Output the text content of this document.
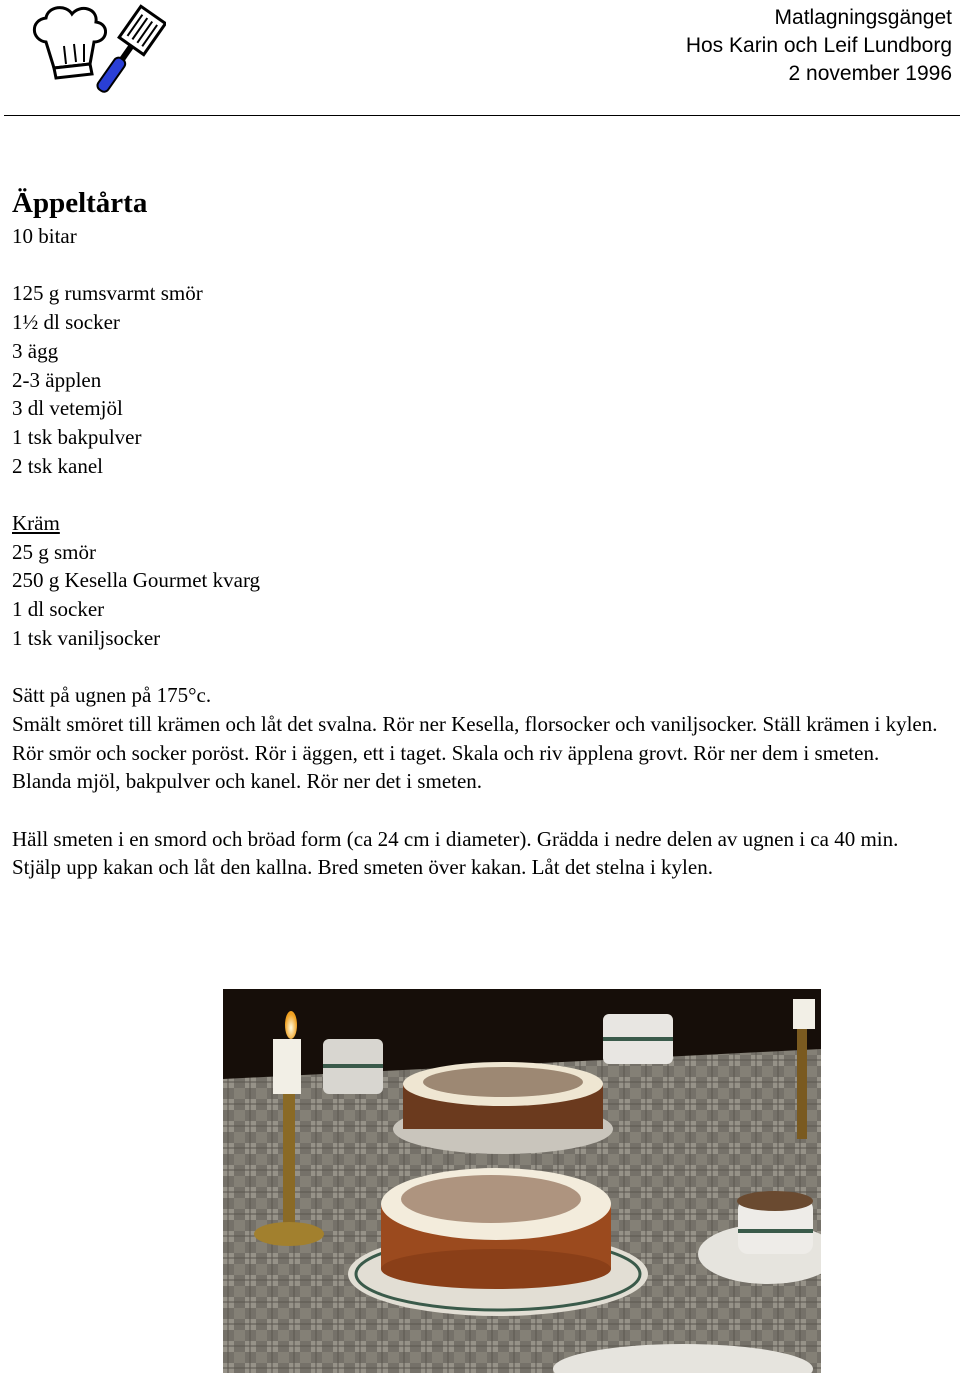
Matlagningsgänget
Hos Karin och Leif Lundborg
2 november 1996
Äppeltårta
10 bitar
125 g rumsvarmt smör
1½ dl socker
3 ägg
2-3 äpplen
3 dl vetemjöl
1 tsk bakpulver
2 tsk kanel
Kräm
25 g smör
250 g Kesella Gourmet kvarg
1 dl socker
1 tsk vaniljsocker
Sätt på ugnen på 175°c.
Smält smöret till krämen och låt det svalna. Rör ner Kesella, florsocker och vaniljsocker. Ställ krämen i kylen.
Rör smör och socker poröst. Rör i äggen, ett i taget. Skala och riv äpplena grovt. Rör ner dem i smeten.
Blanda mjöl, bakpulver och kanel. Rör ner det i smeten.
Häll smeten i en smord och bröad form (ca 24 cm i diameter). Grädda i nedre delen av ugnen i ca 40 min. Stjälp upp kakan och låt den kallna. Bred smeten över kakan. Låt det stelna i kylen.
